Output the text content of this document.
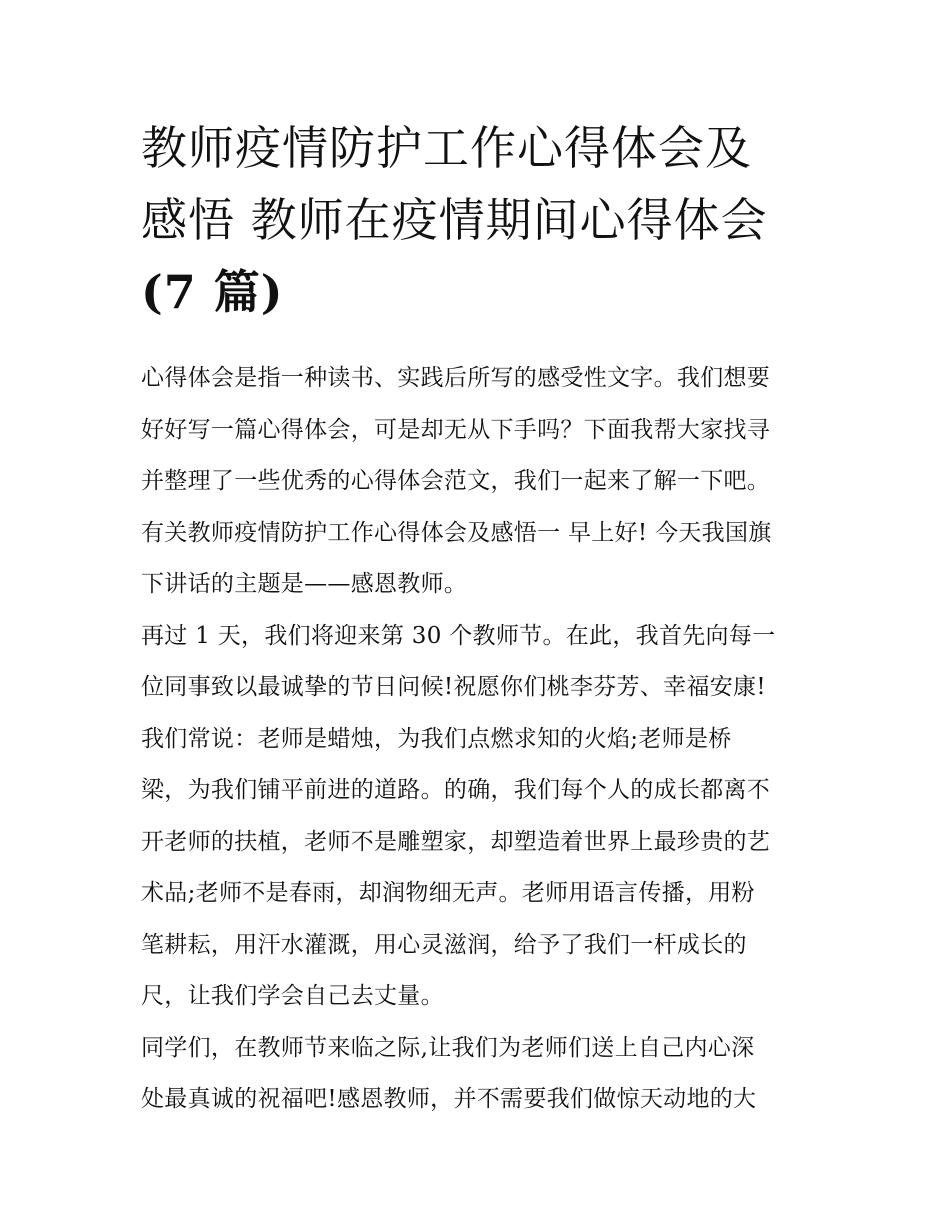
教师疫情防护工作心得体会及
感悟 教师在疫情期间心得体会
(7 篇)
心得体会是指一种读书、实践后所写的感受性文字。我们想要
好好写一篇心得体会，可是却无从下手吗？下面我帮大家找寻
并整理了一些优秀的心得体会范文，我们一起来了解一下吧。
有关教师疫情防护工作心得体会及感悟一 早上好! 今天我国旗
下讲话的主题是——感恩教师。
再过 1 天，我们将迎来第 30 个教师节。在此，我首先向每一
位同事致以最诚挚的节日问候!祝愿你们桃李芬芳、幸福安康!
我们常说：老师是蜡烛，为我们点燃求知的火焰;老师是桥
梁，为我们铺平前进的道路。的确，我们每个人的成长都离不
开老师的扶植，老师不是雕塑家，却塑造着世界上最珍贵的艺
术品;老师不是春雨，却润物细无声。老师用语言传播，用粉
笔耕耘，用汗水灌溉，用心灵滋润，给予了我们一杆成长的
尺，让我们学会自己去丈量。
同学们，在教师节来临之际,让我们为老师们送上自己内心深
处最真诚的祝福吧!感恩教师，并不需要我们做惊天动地的大
